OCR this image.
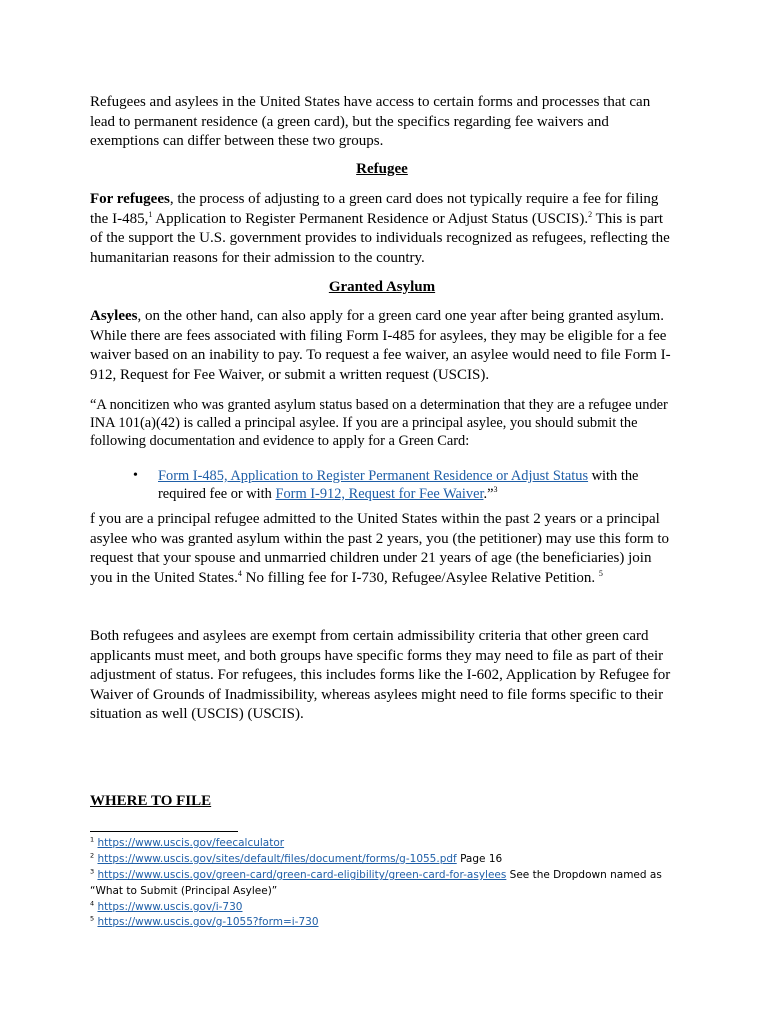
Refugees and asylees in the United States have access to certain forms and processes that can lead to permanent residence (a green card), but the specifics regarding fee waivers and exemptions can differ between these two groups.

Refugee

For refugees, the process of adjusting to a green card does not typically require a fee for filing the I-485,$^1$ Application to Register Permanent Residence or Adjust Status (USCIS).$^2$ This is part of the support the U.S. government provides to individuals recognized as refugees, reflecting the humanitarian reasons for their admission to the country.

Granted Asylum

Asylees, on the other hand, can also apply for a green card one year after being granted asylum. While there are fees associated with filing Form I-485 for asylees, they may be eligible for a fee waiver based on an inability to pay. To request a fee waiver, an asylee would need to file Form I-912, Request for Fee Waiver, or submit a written request (USCIS).

“A noncitizen who was granted asylum status based on a determination that they are a refugee under INA 101(a)(42) is called a principal asylee. If you are a principal asylee, you should submit the following documentation and evidence to apply for a Green Card:

• Form I-485, Application to Register Permanent Residence or Adjust Status with the required fee or with Form I-912, Request for Fee Waiver.”$^3$

f you are a principal refugee admitted to the United States within the past 2 years or a principal asylee who was granted asylum within the past 2 years, you (the petitioner) may use this form to request that your spouse and unmarried children under 21 years of age (the beneficiaries) join you in the United States.$^4$ No filling fee for I-730, Refugee/Asylee Relative Petition. $^5$

Both refugees and asylees are exempt from certain admissibility criteria that other green card applicants must meet, and both groups have specific forms they may need to file as part of their adjustment of status. For refugees, this includes forms like the I-602, Application by Refugee for Waiver of Grounds of Inadmissibility, whereas asylees might need to file forms specific to their situation as well (USCIS) (USCIS).

WHERE TO FILE

$^1$ https://www.uscis.gov/feecalculator
$^2$ https://www.uscis.gov/sites/default/files/document/forms/g-1055.pdf Page 16
$^3$ https://www.uscis.gov/green-card/green-card-eligibility/green-card-for-asylees See the Dropdown named as
“What to Submit (Principal Asylee)”
$^4$ https://www.uscis.gov/i-730
$^5$ https://www.uscis.gov/g-1055?form=i-730
